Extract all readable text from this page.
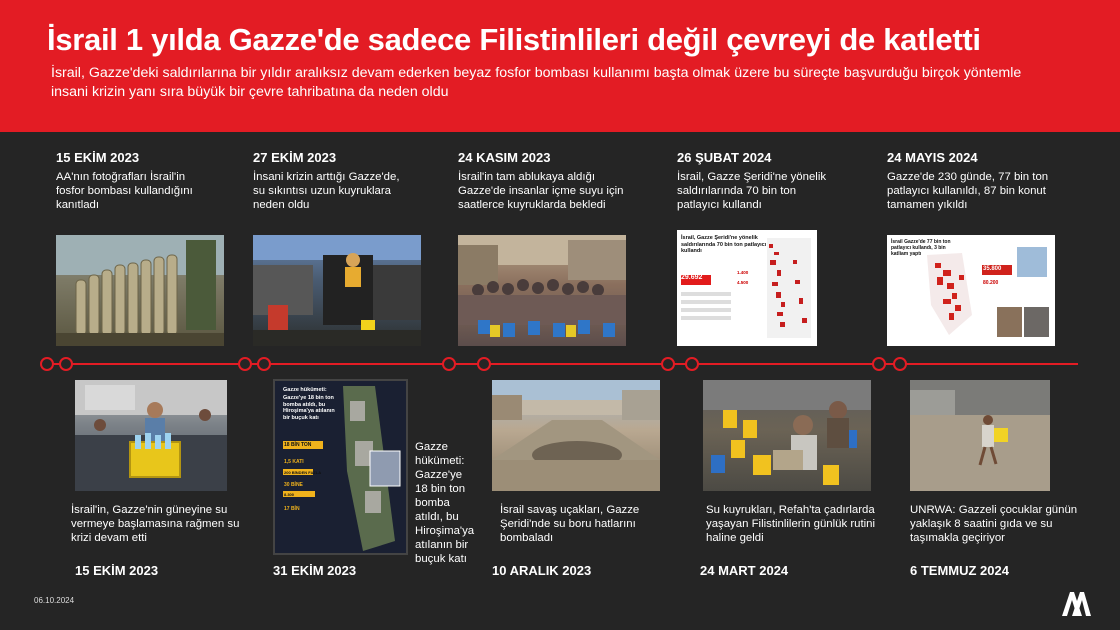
İsrail 1 yılda Gazze'de sadece Filistinlileri değil çevreyi de katletti
İsrail, Gazze'deki saldırılarına bir yıldır aralıksız devam ederken beyaz fosfor bombası kullanımı başta olmak üzere bu süreçte başvurduğu birçok yöntemle insani krizin yanı sıra büyük bir çevre tahribatına da neden oldu
15 EKİM 2023
AA'nın fotoğrafları İsrail'in fosfor bombası kullandığını kanıtladı
27 EKİM 2023
İnsani krizin arttığı Gazze'de, su sıkıntısı uzun kuyruklara neden oldu
24 KASIM 2023
İsrail'in tam ablukaya aldığı Gazze'de insanlar içme suyu için saatlerce kuyruklarda bekledi
26 ŞUBAT 2024
İsrail, Gazze Şeridi'ne yönelik saldırılarında 70 bin ton patlayıcı kullandı
24 MAYIS 2024
Gazze'de 230 günde, 77 bin ton patlayıcı kullanıldı, 87 bin konut tamamen yıkıldı
İsrail, Gazze Şeridi'ne yönelik saldırılarında 70 bin ton patlayıcı kullandı
29.692
1.400
4.500
İsrail Gazze'de 77 bin ton patlayıcı kullandı, 3 bin katliam yaptı
35.800
80.200
Gazze hükümeti:
Gazze'ye 18 bin ton bomba atıldı, bu Hiroşima'ya atılanın bir buçuk katı
18 BİN TON
1,5 KATI
200 BİNDEN FAZLA
30 BİNE
8.300
17 BİN
İsrail'in, Gazze'nin güneyine su vermeye başlamasına rağmen su krizi devam etti
15 EKİM 2023
Gazze hükümeti: Gazze'ye 18 bin ton bomba atıldı, bu Hiroşima'ya atılanın bir buçuk katı
31 EKİM 2023
İsrail savaş uçakları, Gazze Şeridi'nde su boru hatlarını bombaladı
10 ARALIK 2023
Su kuyrukları, Refah'ta çadırlarda yaşayan Filistinlilerin günlük rutini haline geldi
24 MART 2024
UNRWA: Gazzeli çocuklar günün yaklaşık 8 saatini gıda ve su taşımakla geçiriyor
6 TEMMUZ 2024
06.10.2024
